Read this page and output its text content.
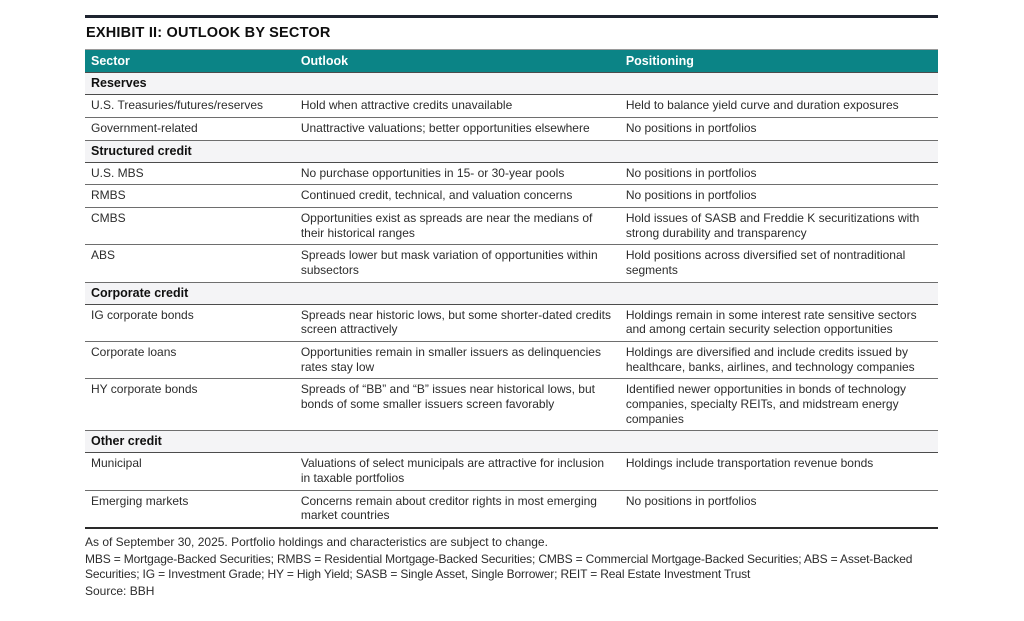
EXHIBIT II: OUTLOOK BY SECTOR
Sector	Outlook	Positioning
Reserves		
U.S. Treasuries/futures/reserves	Hold when attractive credits unavailable	Held to balance yield curve and duration exposures
Government-related	Unattractive valuations; better opportunities elsewhere	No positions in portfolios
Structured credit		
U.S. MBS	No purchase opportunities in 15- or 30-year pools	No positions in portfolios
RMBS	Continued credit, technical, and valuation concerns	No positions in portfolios
CMBS	Opportunities exist as spreads are near the medians of their historical ranges	Hold issues of SASB and Freddie K securitizations with strong durability and transparency
ABS	Spreads lower but mask variation of opportunities within subsectors	Hold positions across diversified set of nontraditional segments
Corporate credit		
IG corporate bonds	Spreads near historic lows, but some shorter-dated credits screen attractively	Holdings remain in some interest rate sensitive sectors and among certain security selection opportunities
Corporate loans	Opportunities remain in smaller issuers as delinquencies rates stay low	Holdings are diversified and include credits issued by healthcare, banks, airlines, and technology companies
HY corporate bonds	Spreads of “BB” and “B” issues near historical lows, but bonds of some smaller issuers screen favorably	Identified newer opportunities in bonds of technology companies, specialty REITs, and midstream energy companies
Other credit		
Municipal	Valuations of select municipals are attractive for inclusion in taxable portfolios	Holdings include transportation revenue bonds
Emerging markets	Concerns remain about creditor rights in most emerging market countries	No positions in portfolios

As of September 30, 2025. Portfolio holdings and characteristics are subject to change.

MBS = Mortgage-Backed Securities; RMBS = Residential Mortgage-Backed Securities; CMBS = Commercial Mortgage-Backed Securities; ABS = Asset-Backed Securities; IG = Investment Grade; HY = High Yield; SASB = Single Asset, Single Borrower; REIT = Real Estate Investment Trust

Source: BBH
